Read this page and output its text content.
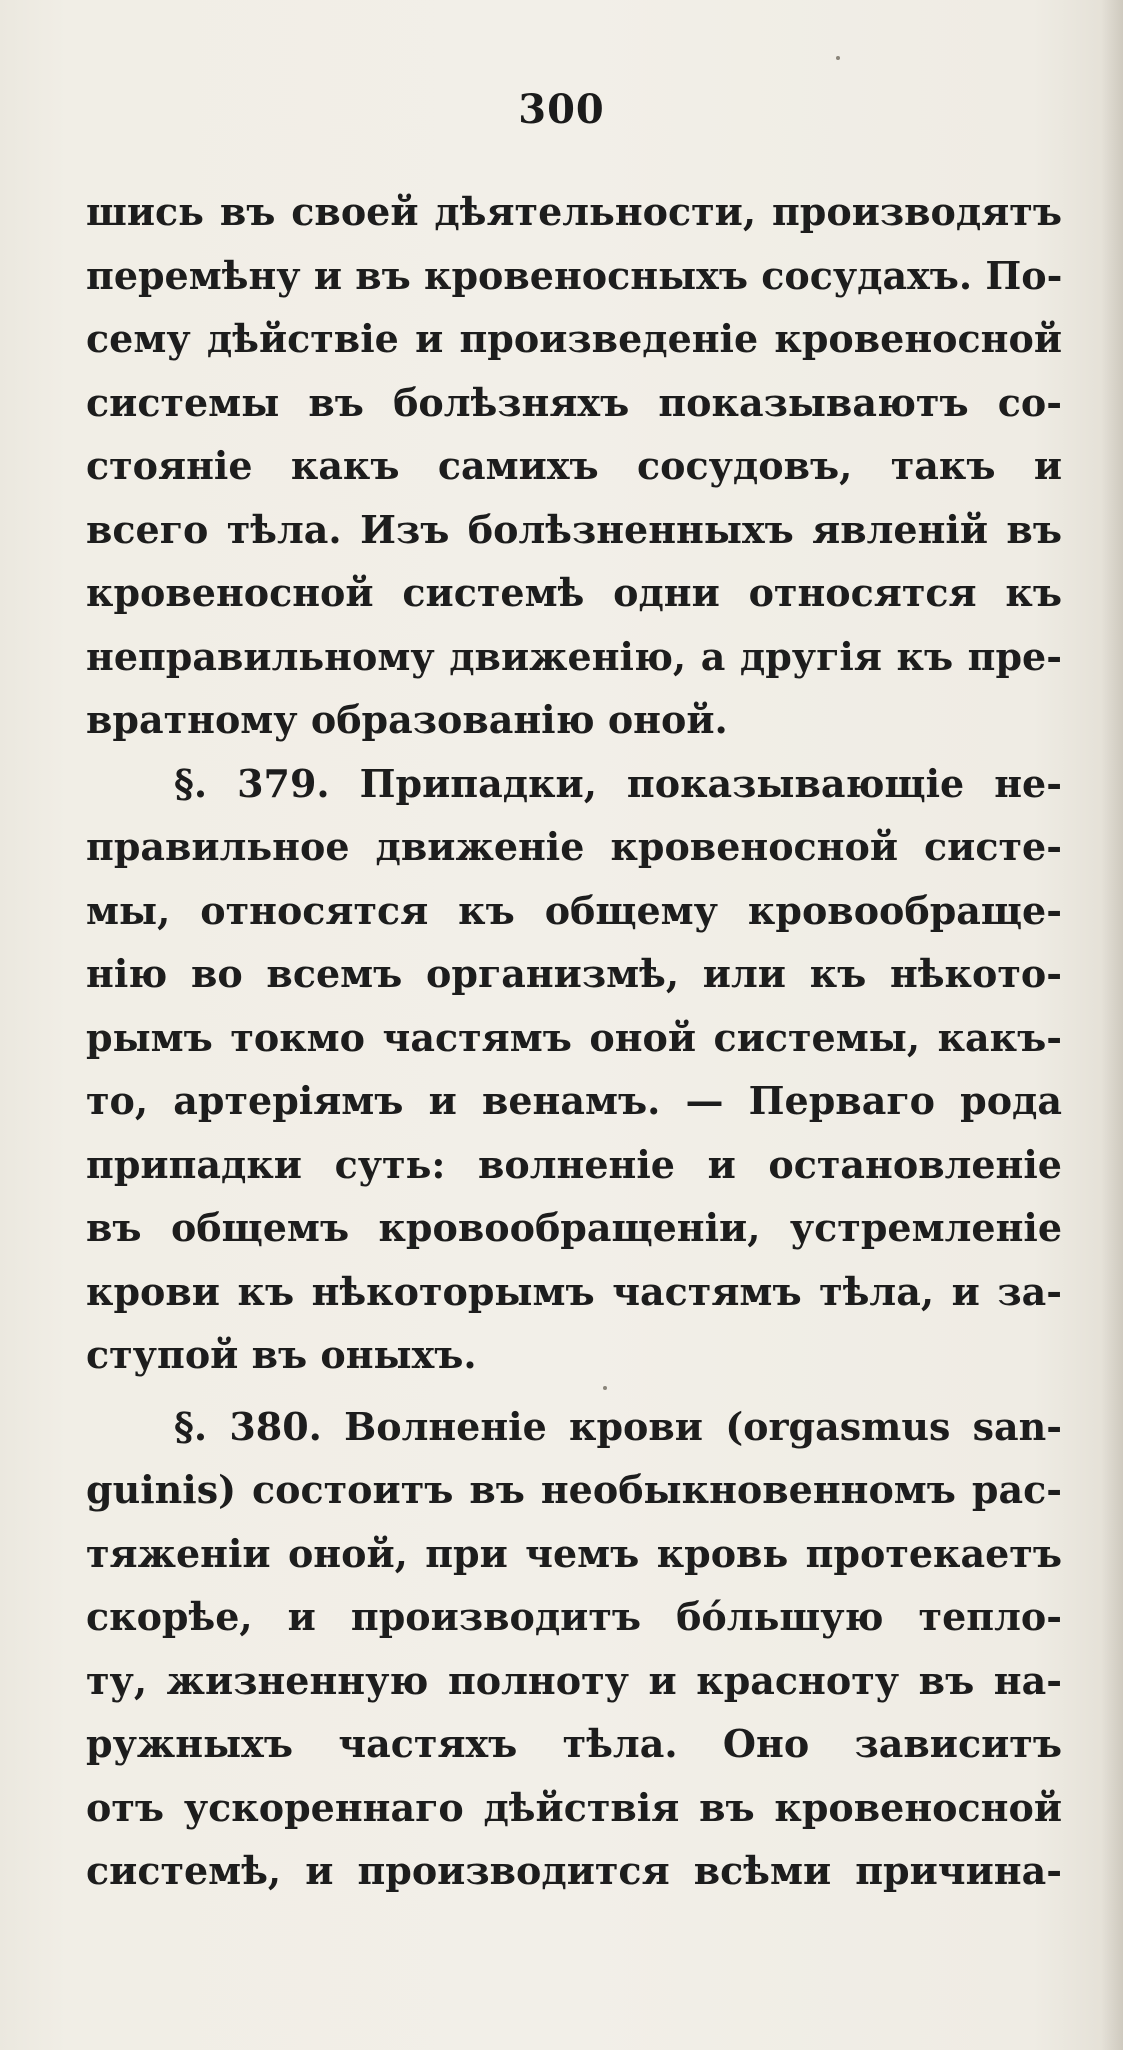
300
шись въ своей дѣятельности, производятъ
перемѣну и въ кровеносныхъ сосудахъ. По-
сему дѣйствіе и произведеніе кровеносной
системы въ болѣзняхъ показываютъ со-
стояніе какъ самихъ сосудовъ, такъ и
всего тѣла. Изъ болѣзненныхъ явленій въ
кровеносной системѣ одни относятся къ
неправильному движенію, а другія къ пре-
вратному образованію оной.
§. 379. Припадки, показывающіе не-
правильное движеніе кровеносной систе-
мы, относятся къ общему кровообраще-
нію во всемъ организмѣ, или къ нѣкото-
рымъ токмо частямъ оной системы, какъ-
то, артеріямъ и венамъ. — Перваго рода
припадки суть: волненіе и остановленіе
въ общемъ кровообращеніи, устремленіе
крови къ нѣкоторымъ частямъ тѣла, и за-
ступой въ оныхъ.
§. 380. Волненіе крови (orgasmus san-
guinis) состоитъ въ необыкновенномъ рас-
тяженіи оной, при чемъ кровь протекаетъ
скорѣе, и производитъ бо́льшую тепло-
ту, жизненную полноту и красноту въ на-
ружныхъ частяхъ тѣла. Оно зависитъ
отъ ускореннаго дѣйствія въ кровеносной
системѣ, и производится всѣми причина-
